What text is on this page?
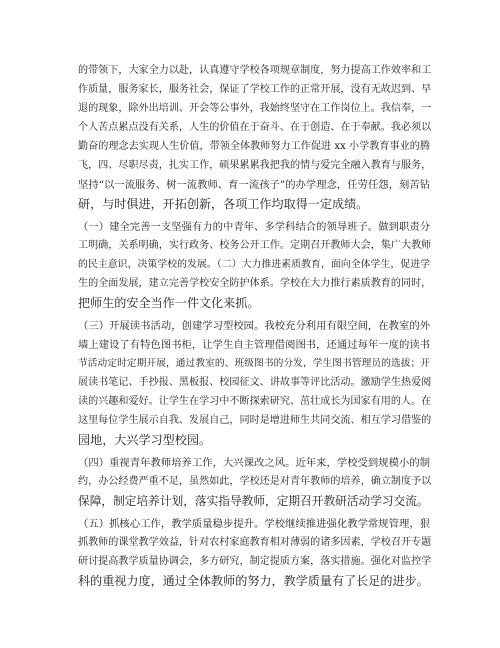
的带领下，大家全力以赴，认真遵守学校各项规章制度，努力提高工作效率和工
作质量，服务家长，服务社会，保证了学校工作的正常开展，没有无故迟到、早
退的现象，除外出培训、开会等公事外，我始终坚守在工作岗位上。我信奉，一
个人苦点累点没有关系，人生的价值在于奋斗、在于创造、在于奉献。我必须以
勤奋的理念去实现人生价值，带领全体教师努力工作促进 xx 小学教育事业的腾
飞，四、尽职尽责，扎实工作，硕果累累我把我的情与爱完全融入教育与服务，
坚持“以一流服务、树一流教师、育一流孩子”的办学理念，任劳任怨，刻苦钻
研，与时俱进，开拓创新，各项工作均取得一定成绩。
（一）建全完善一支坚强有力的中青年、多学科结合的领导班子。做到职责分
工明确，关系明确，实行政务、校务公开工作。定期召开教师大会，集广大教师
的民主意识，决策学校的发展。（二）大力推进素质教育，面向全体学生，促进学
生的全面发展，建立完善学校安全防护体系。学校在大力推行素质教育的同时，
把师生的安全当作一件文化来抓。
（三）开展读书活动，创建学习型校园。我校充分利用有限空间，在教室的外
墙上建设了有特色图书柜，让学生自主管理借阅图书，还通过每年一度的读书
节活动定时定期开展，通过教室的、班级图书的分发，学生图书管理员的选拔；开
展读书笔记、手抄报、黑板报、校园征文、讲故事等评比活动。激励学生热爱阅
读的兴趣和爱好。让学生在学习中不断探索研究、茁壮成长为国家有用的人。在
这里每位学生展示自我、发展自己，同时是增进师生共同交流、相互学习借鉴的
园地，大兴学习型校园。
（四）重视青年教师培养工作，大兴课改之风。近年来，学校受到规模小的制
约，办公经费严重不足，虽然如此，学校还是对青年教师的培养，确立制度予以
保障，制定培养计划，落实指导教师，定期召开教研活动学习交流。
（五）抓核心工作，教学质量稳步提升。学校继续推进强化教学常规管理，狠
抓教师的课堂教学效益，针对农村家庭教育相对薄弱的诸多因素，学校召开专题
研讨提高教学质量协调会，多方研究，制定提质方案，落实措施。强化对监控学
科的重视力度，通过全体教师的努力，教学质量有了长足的进步。
